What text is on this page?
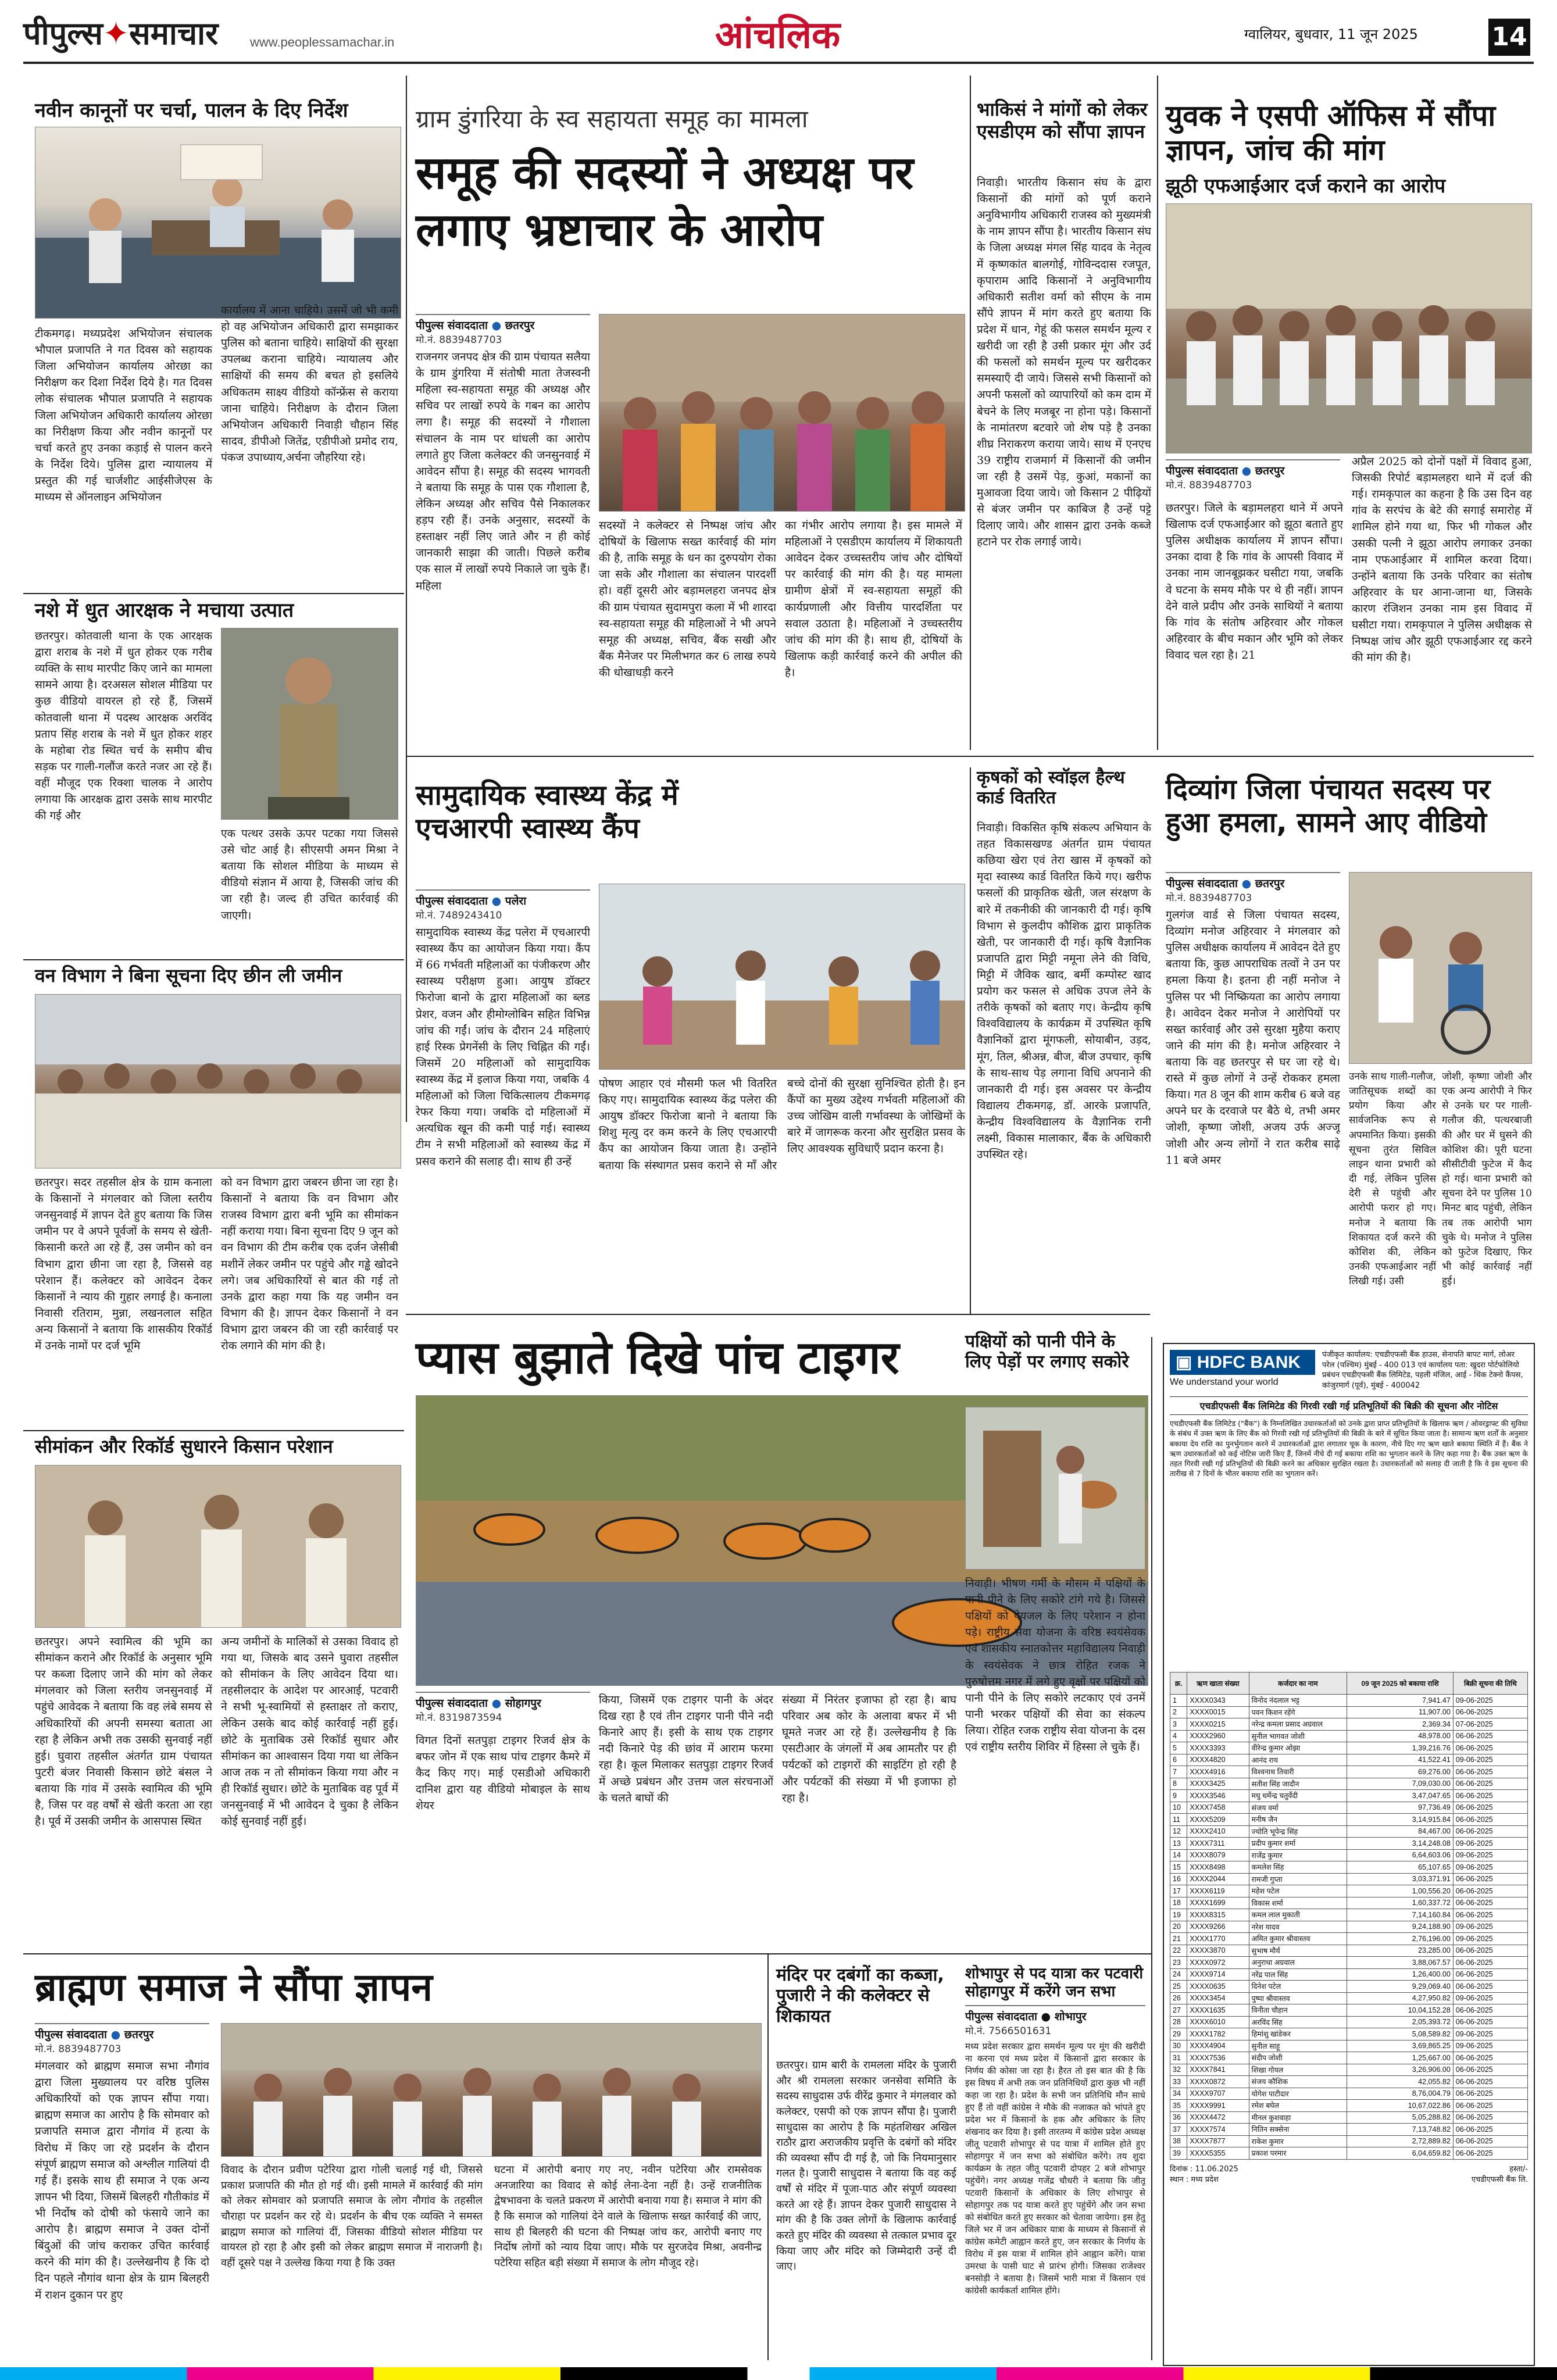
पीपुल्स✦समाचार www.peoplessamachar.in	आंचलिक	ग्वालियर, बुधवार, 11 जून 2025	14
नवीन कानूनों पर चर्चा, पालन के दिए निर्देश
टीकमगढ़। मध्यप्रदेश अभियोजन संचालक भौपाल प्रजापति ने गत दिवस को सहायक जिला अभियोजन कार्यालय ओरछा का निरीक्षण कर दिशा निर्देश दिये है। गत दिवस लोक संचालक भौपाल प्रजापति ने सहायक जिला अभियोजन अधिकारी कार्यालय ओरछा का निरीक्षण किया और नवीन कानूनों पर चर्चा करते हुए उनका कड़ाई से पालन करने के निर्देश दिये। पुलिस द्वारा न्यायालय में प्रस्तुत की गई चार्जशीट आईसीजेएस के माध्यम से ऑनलाइन अभियोजन
कार्यालय में आना चाहिये। उसमें जो भी कमी हो वह अभियोजन अधिकारी द्वारा समझाकर पुलिस को बताना चाहिये। साक्षियों की सुरक्षा उपलब्ध कराना चाहिये। न्यायालय और साक्षियों की समय की बचत हो इसलिये अधिकतम साक्ष्य वीडियो कॉन्फ्रेंस से कराया जाना चाहिये। निरीक्षण के दौरान जिला अभियोजन अधिकारी निवाड़ी चौहान सिंह सादव, डीपीओ जितेंद्र, एडीपीओ प्रमोद राय, पंकज उपाध्याय,अर्चना जौहरिया रहे।
नशे में धुत आरक्षक ने मचाया उत्पात
छतरपुर। कोतवाली थाना के एक आरक्षक द्वारा शराब के नशे में धुत होकर एक गरीब व्यक्ति के साथ मारपीट किए जाने का मामला सामने आया है। दरअसल सोशल मीडिया पर कुछ वीडियो वायरल हो रहे हैं, जिसमें कोतवाली थाना में पदस्थ आरक्षक अरविंद प्रताप सिंह शराब के नशे में धुत होकर शहर के महोबा रोड स्थित चर्च के समीप बीच सड़क पर गाली-गलौंज करते नजर आ रहे हैं। वहीं मौजूद एक रिक्शा चालक ने आरोप लगाया कि आरक्षक द्वारा उसके साथ मारपीट की गई और
एक पत्थर उसके ऊपर पटका गया जिससे उसे चोट आई है। सीएसपी अमन मिश्रा ने बताया कि सोशल मीडिया के माध्यम से वीडियो संज्ञान में आया है, जिसकी जांच की जा रही है। जल्द ही उचित कार्रवाई की जाएगी।
वन विभाग ने बिना सूचना दिए छीन ली जमीन
छतरपुर। सदर तहसील क्षेत्र के ग्राम कनाला के किसानों ने मंगलवार को जिला स्तरीय जनसुनवाई में ज्ञापन देते हुए बताया कि जिस जमीन पर वे अपने पूर्वजों के समय से खेती-किसानी करते आ रहे हैं, उस जमीन को वन विभाग द्वारा छीना जा रहा है, जिससे वह परेशान हैं। कलेक्टर को आवेदन देकर किसानों ने न्याय की गुहार लगाई है। कनाला निवासी रतिराम, मुन्ना, लखनलाल सहित अन्य किसानों ने बताया कि शासकीय रिकॉर्ड में उनके नामों पर दर्ज भूमि
को वन विभाग द्वारा जबरन छीना जा रहा है। किसानों ने बताया कि वन विभाग और राजस्व विभाग द्वारा बनी भूमि का सीमांकन नहीं कराया गया। बिना सूचना दिए 9 जून को वन विभाग की टीम करीब एक दर्जन जेसीबी मशीनें लेकर जमीन पर पहुंचे और गड्ढे खोदने लगे। जब अधिकारियों से बात की गई तो उनके द्वारा कहा गया कि यह जमीन वन विभाग की है। ज्ञापन देकर किसानों ने वन विभाग द्वारा जबरन की जा रही कार्रवाई पर रोक लगाने की मांग की है।
सीमांकन और रिकॉर्ड सुधारने किसान परेशान
छतरपुर। अपने स्वामित्व की भूमि का सीमांकन कराने और रिकॉर्ड के अनुसार भूमि पर कब्जा दिलाए जाने की मांग को लेकर मंगलवार को जिला स्तरीय जनसुनवाई में पहुंचे आवेदक ने बताया कि वह लंबे समय से अधिकारियों की अपनी समस्या बताता आ रहा है लेकिन अभी तक उसकी सुनवाई नहीं हुई। घुवारा तहसील अंतर्गत ग्राम पंचायत पुटरी बंजर निवासी किसान छोटे बंसल ने बताया कि गांव में उसके स्वामित्व की भूमि है, जिस पर वह वर्षों से खेती करता आ रहा है। पूर्व में उसकी जमीन के आसपास स्थित
अन्य जमीनों के मालिकों से उसका विवाद हो गया था, जिसके बाद उसने घुवारा तहसील को सीमांकन के लिए आवेदन दिया था। तहसीलदार के आदेश पर आरआई, पटवारी ने सभी भू-स्वामियों से हस्ताक्षर तो कराए, लेकिन उसके बाद कोई कार्रवाई नहीं हुई। छोटे के मुताबिक उसे रिकॉर्ड सुधार और सीमांकन का आश्वासन दिया गया था लेकिन आज तक न तो सीमांकन किया गया और न ही रिकॉर्ड सुधार। छोटे के मुताबिक वह पूर्व में जनसुनवाई में भी आवेदन दे चुका है लेकिन कोई सुनवाई नहीं हुई।
ग्राम डुंगरिया के स्व सहायता समूह का मामला
समूह की सदस्यों ने अध्यक्ष पर लगाए भ्रष्टाचार के आरोप
पीपुल्स संवाददाता ● छतरपुर
मो.नं. 8839487703
राजनगर जनपद क्षेत्र की ग्राम पंचायत सलैया के ग्राम डुंगरिया में संतोषी माता तेजस्वनी महिला स्व-सहायता समूह की अध्यक्ष और सचिव पर लाखों रुपये के गबन का आरोप लगा है। समूह की सदस्यों ने गौशाला संचालन के नाम पर धांधली का आरोप लगाते हुए जिला कलेक्टर की जनसुनवाई में आवेदन सौंपा है। समूह की सदस्य भागवती ने बताया कि समूह के पास एक गौशाला है, लेकिन अध्यक्ष और सचिव पैसे निकालकर हड़प रही हैं। उनके अनुसार, सदस्यों के हस्ताक्षर नहीं लिए जाते और न ही कोई जानकारी साझा की जाती। पिछले करीब एक साल में लाखों रुपये निकाले जा चुके हैं। महिला
सदस्यों ने कलेक्टर से निष्पक्ष जांच और दोषियों के खिलाफ सख्त कार्रवाई की मांग की है, ताकि समूह के धन का दुरुपयोग रोका जा सके और गौशाला का संचालन पारदर्शी हो। वहीं दूसरी ओर बड़ामलहरा जनपद क्षेत्र की ग्राम पंचायत सुदामपुरा कला में भी शारदा स्व-सहायता समूह की महिलाओं ने भी अपने समूह की अध्यक्ष, सचिव, बैंक सखी और बैंक मैनेजर पर मिलीभगत कर 6 लाख रुपये की धोखाधड़ी करने
का गंभीर आरोप लगाया है। इस मामले में महिलाओं ने एसडीएम कार्यालय में शिकायती आवेदन देकर उच्चस्तरीय जांच और दोषियों पर कार्रवाई की मांग की है। यह मामला ग्रामीण क्षेत्रों में स्व-सहायता समूहों की कार्यप्रणाली और वित्तीय पारदर्शिता पर सवाल उठाता है। महिलाओं ने उच्चस्तरीय जांच की मांग की है। साथ ही, दोषियों के खिलाफ कड़ी कार्रवाई करने की अपील की है।
भाकिसं ने मांगों को लेकर एसडीएम को सौंपा ज्ञापन
निवाड़ी। भारतीय किसान संघ के द्वारा किसानों की मांगों को पूर्ण कराने अनुविभागीय अधिकारी राजस्व को मुख्यमंत्री के नाम ज्ञापन सौंपा है। भारतीय किसान संघ के जिला अध्यक्ष मंगल सिंह यादव के नेतृत्व में कृष्णकांत बालगोई, गोविन्ददास रजपूत, कृपाराम आदि किसानों ने अनुविभागीय अधिकारी सतीश वर्मा को सीएम के नाम सौंपे ज्ञापन में मांग करते हुए बताया कि प्रदेश में धान, गेहूं की फसल समर्थन मूल्य र खरीदी जा रही है उसी प्रकार मूंग और उर्द की फसलों को समर्थन मूल्य पर खरीदकर समस्याएँ दी जाये। जिससे सभी किसानों को अपनी फसलों को व्यापारियों को कम दाम में बेचने के लिए मजबूर ना होना पड़े। किसानों के नामांतरण बटवारे जो शेष पड़े है उनका शीघ्र निराकरण कराया जाये। साथ में एनएच 39 राष्ट्रीय राजमार्ग में किसानों की जमीन जा रही है उसमें पेड़, कुआं, मकानों का मुआवजा दिया जाये। जो किसान 2 पीढ़ियों से बंजर जमीन पर काबिज है उन्हें पट्टे दिलाए जाये। और शासन द्वारा उनके कब्जे हटाने पर रोक लगाई जाये।
युवक ने एसपी ऑफिस में सौंपा ज्ञापन, जांच की मांग
झूठी एफआईआर दर्ज कराने का आरोप
पीपुल्स संवाददाता ● छतरपुर
मो.नं. 8839487703
छतरपुर। जिले के बड़ामलहरा थाने में अपने खिलाफ दर्ज एफआईआर को झूठा बताते हुए पुलिस अधीक्षक कार्यालय में ज्ञापन सौंपा। उनका दावा है कि गांव के आपसी विवाद में उनका नाम जानबूझकर घसीटा गया, जबकि वे घटना के समय मौके पर थे ही नहीं। ज्ञापन देने वाले प्रदीप और उनके साथियों ने बताया कि गांव के संतोष अहिरवार और गोकल अहिरवार के बीच मकान और भूमि को लेकर विवाद चल रहा है। 21
अप्रैल 2025 को दोनों पक्षों में विवाद हुआ, जिसकी रिपोर्ट बड़ामलहरा थाने में दर्ज की गई। रामकृपाल का कहना है कि उस दिन वह गांव के सरपंच के बेटे की सगाई समारोह में शामिल होने गया था, फिर भी गोकल और उसकी पत्नी ने झूठा आरोप लगाकर उनका नाम एफआईआर में शामिल करवा दिया। उन्होंने बताया कि उनके परिवार का संतोष अहिरवार के घर आना-जाना था, जिसके कारण रंजिशन उनका नाम इस विवाद में घसीटा गया। रामकृपाल ने पुलिस अधीक्षक से निष्पक्ष जांच और झूठी एफआईआर रद्द करने की मांग की है।
सामुदायिक स्वास्थ्य केंद्र में एचआरपी स्वास्थ्य कैंप
पीपुल्स संवाददाता ● पलेरा
मो.नं. 7489243410
सामुदायिक स्वास्थ्य केंद्र पलेरा में एचआरपी स्वास्थ्य कैंप का आयोजन किया गया। कैंप में 66 गर्भवती महिलाओं का पंजीकरण और स्वास्थ्य परीक्षण हुआ। आयुष डॉक्टर फिरोजा बानो के द्वारा महिलाओं का ब्लड प्रेशर, वजन और हीमोग्लोबिन सहित विभिन्न जांच की गईं। जांच के दौरान 24 महिलाएं हाई रिस्क प्रेगनेंसी के लिए चिह्नित की गईं। जिसमें 20 महिलाओं को सामुदायिक स्वास्थ्य केंद्र में इलाज किया गया, जबकि 4 महिलाओं को जिला चिकित्सालय टीकमगढ़ रेफर किया गया। जबकि दो महिलाओं में अत्यधिक खून की कमी पाई गई। स्वास्थ्य टीम ने सभी महिलाओं को स्वास्थ्य केंद्र में प्रसव कराने की सलाह दी। साथ ही उन्हें
पोषण आहार एवं मौसमी फल भी वितरित किए गए। सामुदायिक स्वास्थ्य केंद्र पलेरा की आयुष डॉक्टर फिरोजा बानो ने बताया कि शिशु मृत्यु दर कम करने के लिए एचआरपी कैंप का आयोजन किया जाता है। उन्होंने बताया कि संस्थागत प्रसव कराने से माँ और बच्चे दोनों की सुरक्षा सुनिश्चित होती है। इन कैंपों का मुख्य उद्देश्य गर्भवती महिलाओं की उच्च जोखिम वाली गर्भावस्था के जोखिमों के बारे में जागरूक करना और सुरक्षित प्रसव के लिए आवश्यक सुविधाएँ प्रदान करना है।
कृषकों को स्वॉइल हैल्थ कार्ड वितरित
निवाड़ी। विकसित कृषि संकल्प अभियान के तहत विकासखण्ड अंतर्गत ग्राम पंचायत कछिया खेरा एवं तेरा खास में कृषकों को मृदा स्वास्थ्य कार्ड वितरित किये गए। खरीफ फसलों की प्राकृतिक खेती, जल संरक्षण के बारे में तकनीकी की जानकारी दी गई। कृषि विभाग से कुलदीप कौशिक द्वारा प्राकृतिक खेती, पर जानकारी दी गई। कृषि वैज्ञानिक प्रजापति द्वारा मिट्टी नमूना लेने की विधि, मिट्टी में जैविक खाद, बर्मी कम्पोस्ट खाद प्रयोग कर फसल से अधिक उपज लेने के तरीके कृषकों को बताए गए। केन्द्रीय कृषि विश्वविद्यालय के कार्यक्रम में उपस्थित कृषि वैज्ञानिकों द्वारा मूंगफली, सोयाबीन, उड़द, मूंग, तिल, श्रीअन्न, बीज, बीज उपचार, कृषि के साथ-साथ पेड़ लगाना विधि अपनाने की जानकारी दी गई। इस अवसर पर केन्द्रीय विद्यालय टीकमगढ़, डॉ. आरके प्रजापति, केन्द्रीय विश्वविद्यालय के वैज्ञानिक रानी लक्ष्मी, विकास मालाकार, बैंक के अधिकारी उपस्थित रहे।
दिव्यांग जिला पंचायत सदस्य पर हुआ हमला, सामने आए वीडियो
पीपुल्स संवाददाता ● छतरपुर
मो.नं. 8839487703
गुलगंज वार्ड से जिला पंचायत सदस्य, दिव्यांग मनोज अहिरवार ने मंगलवार को पुलिस अधीक्षक कार्यालय में आवेदन देते हुए बताया कि, कुछ आपराधिक तत्वों ने उन पर हमला किया है। इतना ही नहीं मनोज ने पुलिस पर भी निष्क्रियता का आरोप लगाया है। आवेदन देकर मनोज ने आरोपियों पर सख्त कार्रवाई और उसे सुरक्षा मुहैया कराए जाने की मांग की है। मनोज अहिरवार ने बताया कि वह छतरपुर से घर जा रहे थे। रास्ते में कुछ लोगों ने उन्हें रोककर हमला किया। गत 8 जून की शाम करीब 6 बजे वह अपने घर के दरवाजे पर बैठे थे, तभी अमर जोशी, कृष्णा जोशी, अजय उर्फ अज्जू जोशी और अन्य लोगों ने रात करीब साढ़े 11 बजे अमर
उनके साथ गाली-गलौज, जातिसूचक शब्दों का प्रयोग किया और सार्वजनिक रूप से अपमानित किया। इसकी सूचना तुरंत सिविल लाइन थाना प्रभारी को दी गई, लेकिन पुलिस देरी से पहुंची और आरोपी फरार हो गए। मनोज ने बताया कि शिकायत दर्ज करने की कोशिश की, लेकिन उनकी एफआईआर नहीं लिखी गई। उसी
जोशी, कृष्णा जोशी और एक अन्य आरोपी ने फिर से उनके घर पर गाली-गलौज की, पत्थरबाजी की और घर में घुसने की कोशिश की। पूरी घटना सीसीटीवी फुटेज में कैद हो गई। थाना प्रभारी को सूचना देने पर पुलिस 10 मिनट बाद पहुंची, लेकिन तब तक आरोपी भाग चुके थे। मनोज ने पुलिस को फुटेज दिखाए, फिर भी कोई कार्रवाई नहीं हुई।
प्यास बुझाते दिखे पांच टाइगर
पीपुल्स संवाददाता ● सोहागपुर
मो.नं. 8319873594
विगत दिनों सतपुड़ा टाइगर रिजर्व क्षेत्र के बफर जोन में एक साथ पांच टाइगर कैमरे में कैद किए गए। माई एसडीओ अधिकारी दानिश द्वारा यह वीडियो मोबाइल के साथ शेयर
किया, जिसमें एक टाइगर पानी के अंदर दिख रहा है एवं तीन टाइगर पानी पीने नदी किनारे आए हैं। इसी के साथ एक टाइगर नदी किनारे पेड़ की छांव में आराम फरमा रहा है। कूल मिलाकर सतपुड़ा टाइगर रिजर्व में अच्छे प्रबंधन और उत्तम जल संरचनाओं के चलते बाघों की
संख्या में निरंतर इजाफा हो रहा है। बाघ परिवार अब कोर के अलावा बफर में भी घूमते नजर आ रहे हैं। उल्लेखनीय है कि एसटीआर के जंगलों में अब आमतौर पर ही पर्यटकों को टाइगरों की साइटिंग हो रही है और पर्यटकों की संख्या में भी इजाफा हो रहा है।
पक्षियों को पानी पीने के लिए पेड़ों पर लगाए सकोरे
निवाड़ी। भीषण गर्मी के मौसम में पक्षियों के पानी पीने के लिए सकोरे टांगे गये है। जिससे पक्षियों को पेयजल के लिए परेशान न होना पड़े। राष्ट्रीय सेवा योजना के वरिष्ठ स्वयंसेवक एवं शासकीय स्नातकोत्तर महाविद्यालय निवाड़ी के स्वयंसेवक ने छात्र रोहित रजक ने पुरुषोत्तम नगर में लगे हुए वृक्षों पर पक्षियों को पानी पीने के लिए सकोरे लटकाए एवं उनमें पानी भरकर पक्षियों की सेवा का संकल्प लिया। रोहित रजक राष्ट्रीय सेवा योजना के दस एवं राष्ट्रीय स्तरीय शिविर में हिस्सा ले चुके हैं।
ब्राह्मण समाज ने सौंपा ज्ञापन
पीपुल्स संवाददाता ● छतरपुर
मो.नं. 8839487703
मंगलवार को ब्राह्मण समाज सभा नौगांव द्वारा जिला मुख्यालय पर वरिष्ठ पुलिस अधिकारियों को एक ज्ञापन सौंपा गया। ब्राह्मण समाज का आरोप है कि सोमवार को प्रजापति समाज द्वारा नौगांव में हत्या के विरोध में किए जा रहे प्रदर्शन के दौरान संपूर्ण ब्राह्मण समाज को अश्लील गालियां दी गई हैं। इसके साथ ही समाज ने एक अन्य ज्ञापन भी दिया, जिसमें बिलहरी गौतीकांड में भी निर्दोष को दोषी को फंसाये जाने का आरोप है। ब्राह्मण समाज ने उक्त दोनों बिंदुओं की जांच कराकर उचित कार्रवाई करने की मांग की है। उल्लेखनीय है कि दो दिन पहले नौगांव थाना क्षेत्र के ग्राम बिलहरी में राशन दुकान पर हुए
विवाद के दौरान प्रवीण पटेरिया द्वारा गोली चलाई गई थी, जिससे प्रकाश प्रजापति की मौत हो गई थी। इसी मामले में कार्रवाई की मांग को लेकर सोमवार को प्रजापति समाज के लोग नौगांव के तहसील चौराहा पर प्रदर्शन कर रहे थे। प्रदर्शन के बीच एक व्यक्ति ने समस्त ब्राह्मण समाज को गालियां दीं, जिसका वीडियो सोशल मीडिया पर वायरल हो रहा है और इसी को लेकर ब्राह्मण समाज में नाराजगी है। वहीं दूसरे पक्ष ने उल्लेख किया गया है कि उक्त
घटना में आरोपी बनाए गए नए, नवीन पटेरिया और रामसेवक अनजारिया का विवाद से कोई लेना-देना नहीं है। उन्हें राजनीतिक द्वेषभावना के चलते प्रकरण में आरोपी बनाया गया है। समाज ने मांग की है कि समाज को गालियां देने वाले के खिलाफ सख्त कार्रवाई की जाए, साथ ही बिलहरी की घटना की निष्पक्ष जांच कर, आरोपी बनाए गए निर्दोष लोगों को न्याय दिया जाए। मौके पर सुरजदेव मिश्रा, अवनीन्द्र पटेरिया सहित बड़ी संख्या में समाज के लोग मौजूद रहे।
मंदिर पर दबंगों का कब्जा, पुजारी ने की कलेक्टर से शिकायत
छतरपुर। ग्राम बारी के रामलला मंदिर के पुजारी और श्री रामलला सरकार जनसेवा समिति के सदस्य साधुदास उर्फ वीरेंद्र कुमार ने मंगलवार को कलेक्टर, एसपी को एक ज्ञापन सौंपा है। पुजारी साधुदास का आरोप है कि महंतशिखर अखिल राठौर द्वारा अराजकीय प्रवृत्ति के दबंगों को मंदिर की व्यवस्था सौंप दी गई है, जो कि नियमानुसार गलत है। पुजारी साधुदास ने बताया कि वह कई वर्षों से मंदिर में पूजा-पाठ और संपूर्ण व्यवस्था करते आ रहे हैं। ज्ञापन देकर पुजारी साधुदास ने मांग की है कि उक्त लोगों के खिलाफ कार्रवाई करते हुए मंदिर की व्यवस्था से तत्काल प्रभाव दूर किया जाए और मंदिर को जिम्मेदारी उन्हें दी जाए।
▣ HDFC BANK
We understand your world
पंजीकृत कार्यालय: एचडीएफसी बैंक हाउस, सेनापति बापट मार्ग, लोअर परेल (पश्चिम) मुंबई - 400 013 एवं कार्यालय पता: खुदरा पोर्टफोलियो प्रबंधन एचडीएफसी बैंक लिमिटेड, पहली मंजिल, आई - थिंक टेक्नो कैंपस, कांजुरमार्ग (पूर्व), मुंबई - 400042
एचडीएफसी बैंक लिमिटेड की गिरवी रखी गई प्रतिभूतियों की बिक्री की सूचना और नोटिस
एचडीएफसी बैंक लिमिटेड ("बैंक") के निम्नलिखित उधारकर्ताओं को उनके द्वारा प्राप्त प्रतिभूतियों के खिलाफ ऋण / ओवरड्राफ्ट की सुविधा के संबंध में उक्त ऋण के लिए बैंक को गिरवी रखी गई प्रतिभूतियों की बिक्री के बारे में सूचित किया जाता है। सामान्य ऋण शर्तों के अनुसार बकाया देय राशि का पुनर्भुगतान करने में उधारकर्ताओं द्वारा लगातार चूक के कारण, नीचे दिए गए ऋण खाते बकाया स्थिति में हैं। बैंक ने ऋण उधारकर्ताओं को कई नोटिस जारी किए हैं, जिनमें नीचे दी गई बकाया राशि का भुगतान करने के लिए कहा गया है। बैंक उक्त ऋण के तहत गिरवी रखी गई प्रतिभूतियों की बिक्री करने का अधिकार सुरक्षित रखता है। उधारकर्ताओं को सलाह दी जाती है कि वे इस सूचना की तारीख से 7 दिनों के भीतर बकाया राशि का भुगतान करें।
क्र.	ऋण खाता संख्या	कर्जदार का नाम	09 जून 2025 को बकाया राशि	बिक्री सूचना की तिथि
1	XXXX0343	विनोद नंदलाल भट्ट	7,941.47	09-06-2025
2	XXXX0015	पवन किशन रहेंगे	11,907.00	06-06-2025
3	XXXX0215	नरेन्द्र कमला प्रसाद अग्रवाल	2,369.34	07-06-2025
4	XXXX2960	सुनील भागवत जोशी	48,978.00	06-06-2025
5	XXXX3393	वीरेन्द्र कुमार ओझा	1,39,216.76	06-06-2025
6	XXXX4820	आनंद राय	41,522.41	09-06-2025
7	XXXX4916	विश्वनाथ तिवारी	69,276.00	06-06-2025
8	XXXX3425	सतीश सिंह जादौन	7,09,030.00	06-06-2025
9	XXXX3546	मधु धर्मेन्द्र चतुर्वेदी	3,47,047.65	06-06-2025
10	XXXX7458	संजय वर्मा	97,736.49	06-06-2025
11	XXXX5209	मनीष जैन	3,14,915.84	06-06-2025
12	XXXX2410	ज्योति भूपेन्द्र सिंह	84,467.00	06-06-2025
13	XXXX7311	प्रदीप कुमार शर्मा	3,14,248.08	09-06-2025
14	XXXX8079	राजेंद्र कुमार	6,64,603.06	09-06-2025
15	XXXX8498	कमलेश सिंह	65,107.65	09-06-2025
16	XXXX2044	रामजी गुप्ता	3,03,371.91	06-06-2025
17	XXXX6119	महेश पटेल	1,00,556.20	06-06-2025
18	XXXX1699	विकास शर्मा	1,60,337.72	06-06-2025
19	XXXX8315	कमल लाल मुकाती	7,14,160.84	06-06-2025
20	XXXX9266	नरेश यादव	9,24,188.90	09-06-2025
21	XXXX1770	अमित कुमार श्रीवास्तव	2,76,196.00	09-06-2025
22	XXXX3870	सुभाष मौर्य	23,285.00	06-06-2025
23	XXXX0972	अनुराधा अग्रवाल	3,88,067.57	06-06-2025
24	XXXX9714	नरेंद्र पाल सिंह	1,26,400.00	06-06-2025
25	XXXX0635	दिनेश पटेल	9,29,069.40	06-06-2025
26	XXXX3454	पुष्पा श्रीवास्तव	4,27,950.82	09-06-2025
27	XXXX1635	विनीता चौहान	10,04,152.28	06-06-2025
28	XXXX6010	अरविंद सिंह	2,05,393.72	06-06-2025
29	XXXX1782	हिमांशु खांडेकर	5,08,589.82	09-06-2025
30	XXXX4904	सुनील साहू	3,69,865.25	09-06-2025
31	XXXX7536	संदीप जोशी	1,25,667.00	06-06-2025
32	XXXX7841	शिखा गोयल	3,26,906.00	06-06-2025
33	XXXX0872	संजय कौशिक	42,055.82	06-06-2025
34	XXXX9707	योगेश पाटीदार	8,76,004.79	06-06-2025
35	XXXX9991	रमेश बघेल	10,67,022.86	06-06-2025
36	XXXX4472	मीनल कुशवाहा	5,05,288.82	06-06-2025
37	XXXX7574	नितिन सक्सेना	7,13,748.82	06-06-2025
38	XXXX7877	राकेश कुमार	2,72,889.82	06-06-2025
39	XXXX5355	प्रकाश परमार	6,04,659.82	06-06-2025
दिनांक : 11.06.2025
स्थान : मध्य प्रदेश
हस्ता/-
एचडीएफसी बैंक लि.
शोभापुर से पद यात्रा कर पटवारी सोहागपुर में करेंगे जन सभा
पीपुल्स संवाददाता ● शोभापुर
मो.नं. 7566501631
मध्य प्रदेश सरकार द्वारा समर्थन मूल्य पर मूंग की खरीदी ना करना एवं मध्य प्रदेश में किसानों द्वारा सरकार के निर्णय की कोसा जा रहा है। हैरत तो इस बात की है कि इस विषय में अभी तक जन प्रतिनिधियों द्वारा कुछ भी नहीं कहा जा रहा है। प्रदेश के सभी जन प्रतिनिधि मौन साधे हुए हैं तो वहीं कांग्रेस ने मौके की नजाकत को भांपते हुए प्रदेश भर में किसानों के हक और अधिकार के लिए शंखनाद कर दिया है। इसी तारतम्य में कांग्रेस प्रदेश अध्यक्ष जीतू पटवारी शोभापुर से पद यात्रा में शामिल होते हुए सोहागपुर में जन सभा को संबोधित करेंगे। तय शुदा कार्यक्रम के तहत जीतू पटवारी दोपहर 2 बजे शोभापुर पहुंचेंगे। नगर अध्यक्ष गजेंद्र चौधरी ने बताया कि जीतू पटवारी किसानों के अधिकार के लिए शोभापुर से सोहागपुर तक पद यात्रा करते हुए पहुंचेंगे और जन सभा को संबोधित करते हुए सरकार को चेतावा जायेगा। इस हेतु जिले भर में जन अधिकार यात्रा के माध्यम से किसानों से कांग्रेस कमेटी आह्वान करते हुए, जन सरकार के निर्णय के विरोध में इस यात्रा में शामिल होने आह्वान करेंगे। यात्रा उमरधा के पासी घाट से प्रारंभ होगी। जिसका राजेश्वर बनसोड़ी ने बताया है। जिसमें भारी मात्रा में किसान एवं कांग्रेसी कार्यकर्ता शामिल होंगे।
